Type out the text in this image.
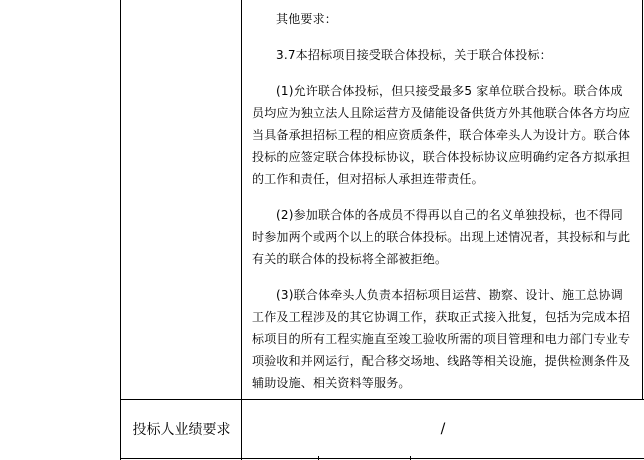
其他要求：

3.7本招标项目接受联合体投标，关于联合体投标：

(1)允许联合体投标，但只接受最多5 家单位联合投标。联合体成员均应为独立法人且除运营方及储能设备供货方外其他联合体各方均应当具备承担招标工程的相应资质条件，联合体牵头人为设计方。联合体投标的应签定联合体投标协议，联合体投标协议应明确约定各方拟承担的工作和责任，但对招标人承担连带责任。

(2)参加联合体的各成员不得再以自己的名义单独投标，也不得同时参加两个或两个以上的联合体投标。出现上述情况者，其投标和与此有关的联合体的投标将全部被拒绝。

(3)联合体牵头人负责本招标项目运营、勘察、设计、施工总协调工作及工程涉及的其它协调工作，获取正式接入批复，包括为完成本招标项目的所有工程实施直至竣工验收所需的项目管理和电力部门专业专项验收和并网运行，配合移交场地、线路等相关设施，提供检测条件及辅助设施、相关资料等服务。

投标人业绩要求	/
